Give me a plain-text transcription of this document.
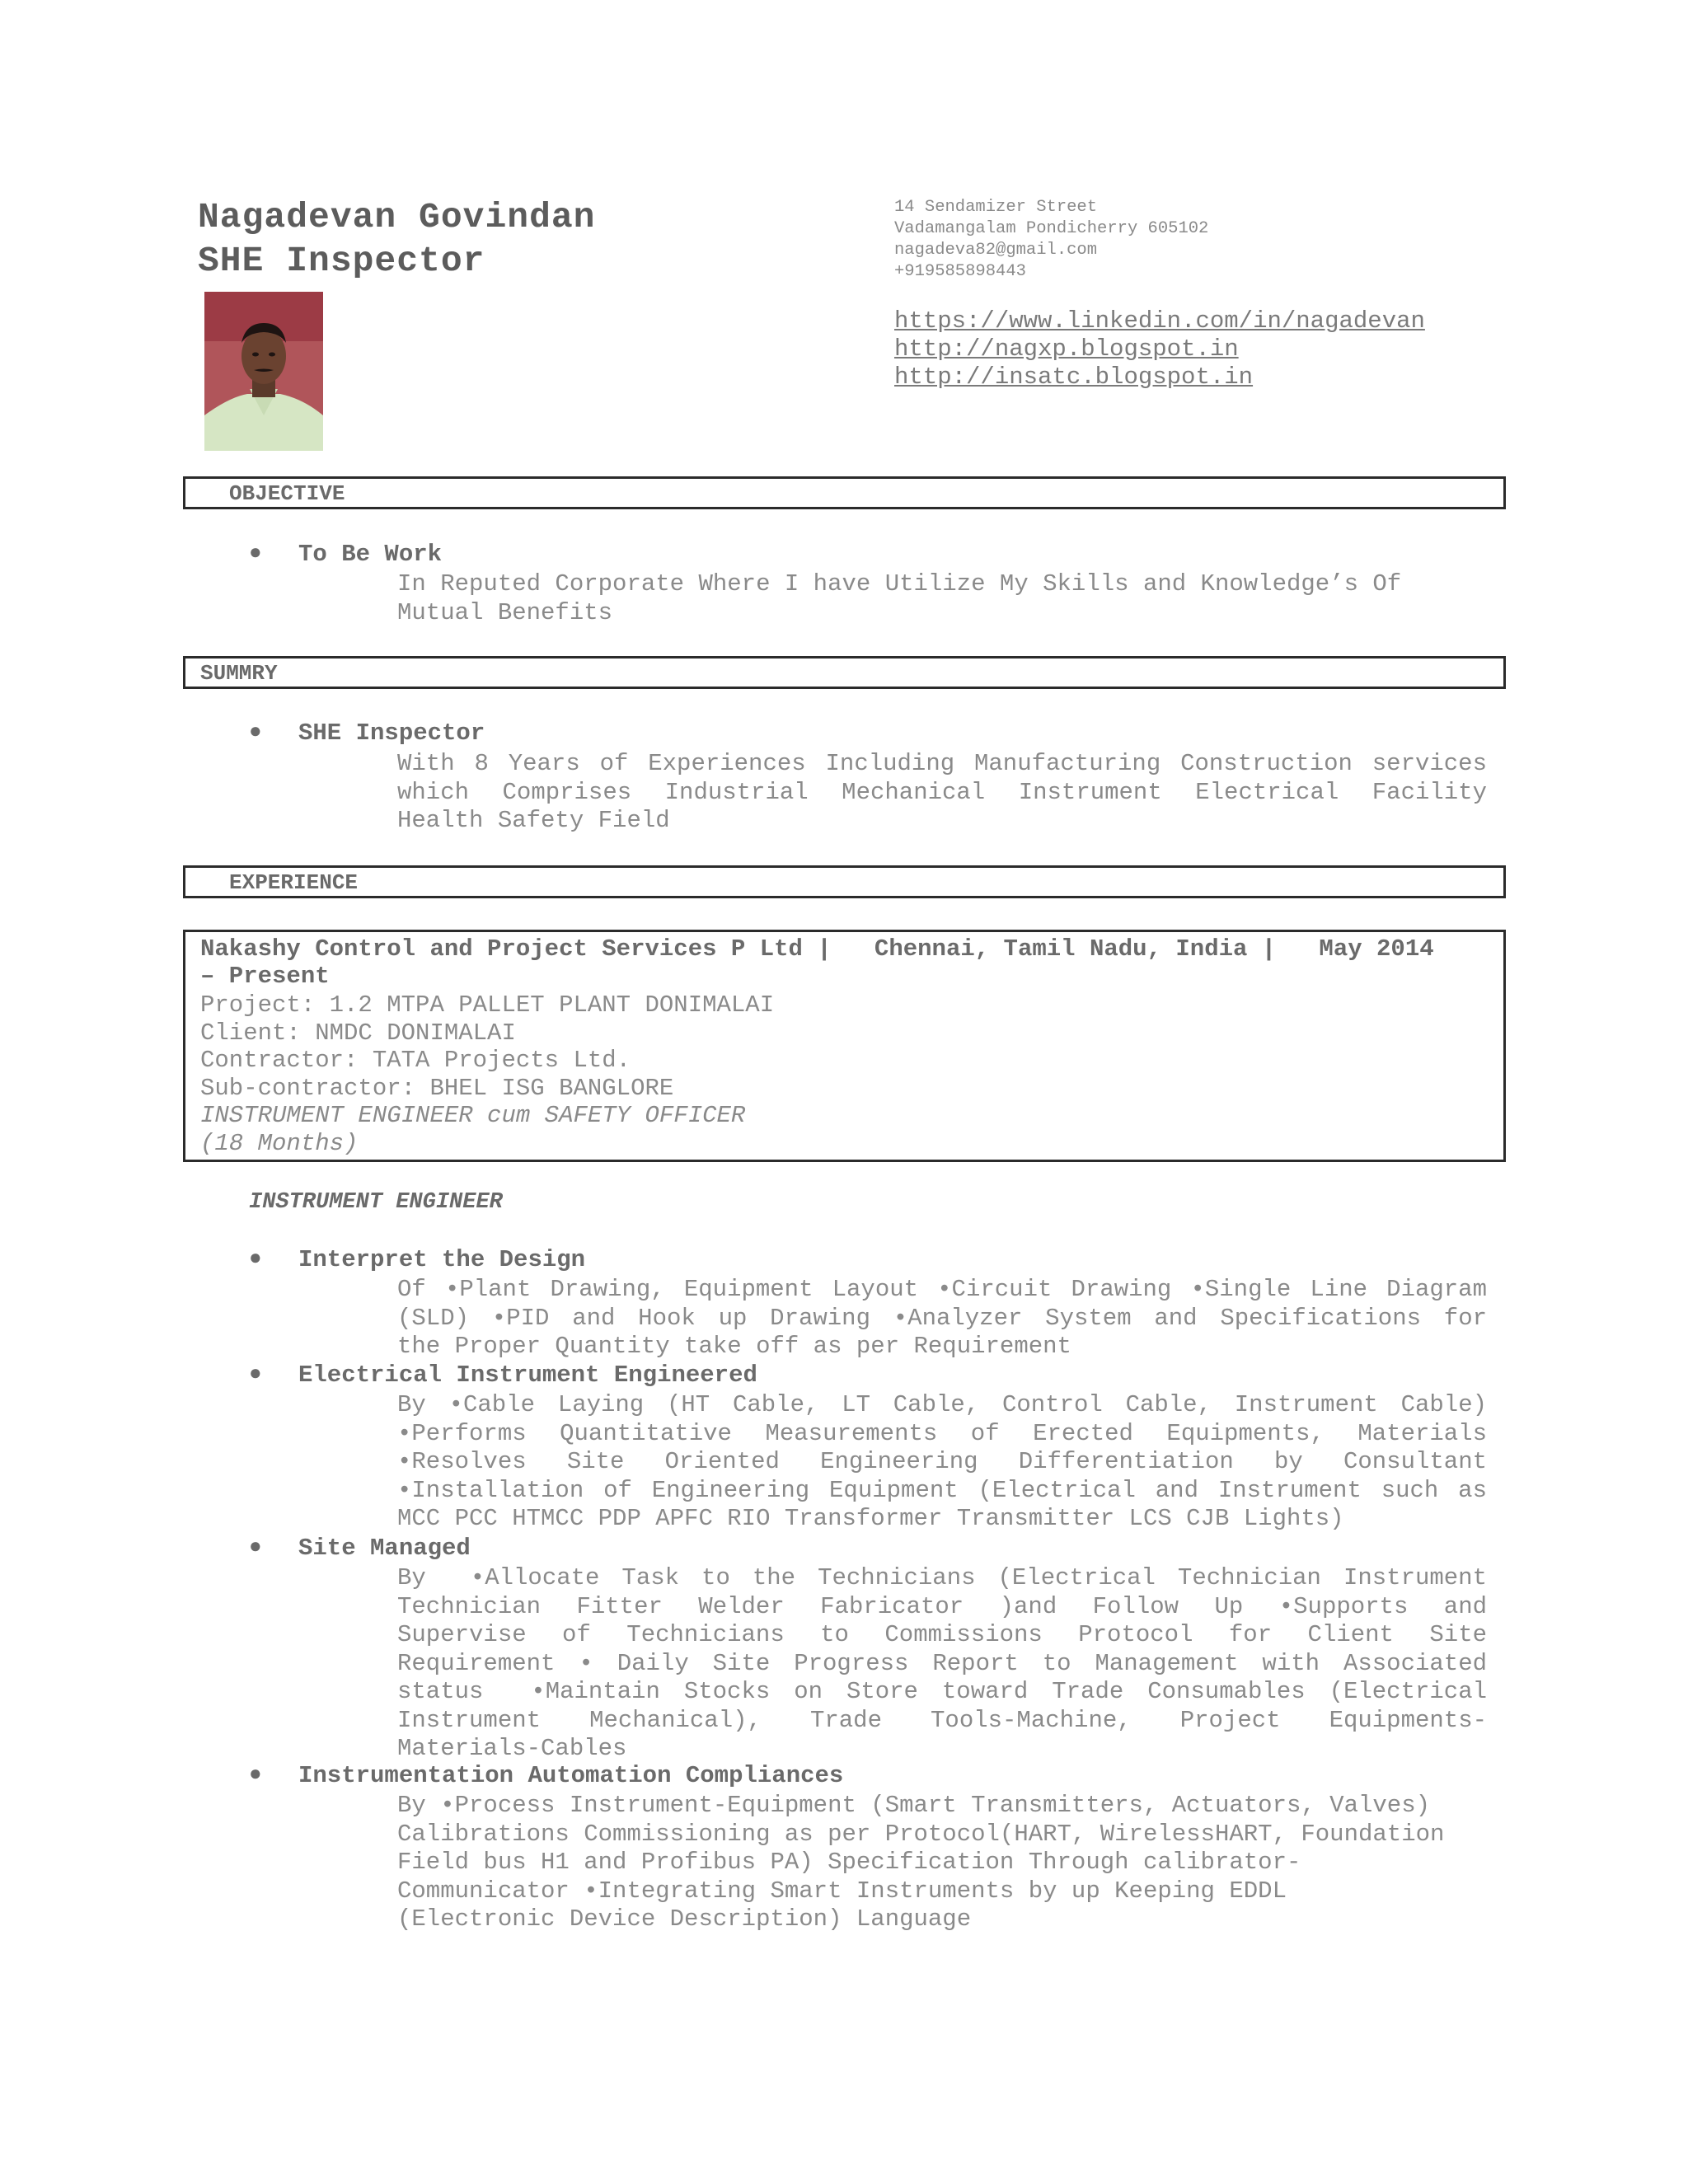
Nagadevan Govindan
SHE Inspector
14 Sendamizer Street
Vadamangalam Pondicherry 605102
nagadeva82@gmail.com
+919585898443
https://www.linkedin.com/in/nagadevan
http://nagxp.blogspot.in
http://insatc.blogspot.in
OBJECTIVE
● To Be Work
In Reputed Corporate Where I have Utilize My Skills and Knowledge’s Of
Mutual Benefits
SUMMRY
● SHE Inspector
With 8 Years of Experiences Including Manufacturing Construction services
which Comprises Industrial Mechanical Instrument Electrical Facility
Health Safety Field
EXPERIENCE
Nakashy Control and Project Services P Ltd |   Chennai, Tamil Nadu, India |   May 2014
– Present
Project: 1.2 MTPA PALLET PLANT DONIMALAI
Client: NMDC DONIMALAI
Contractor: TATA Projects Ltd.
Sub-contractor: BHEL ISG BANGLORE
INSTRUMENT ENGINEER cum SAFETY OFFICER
(18 Months)
INSTRUMENT ENGINEER
● Interpret the Design
Of •Plant Drawing, Equipment Layout •Circuit Drawing •Single Line Diagram
(SLD) •PID and Hook up Drawing •Analyzer System and Specifications for
the Proper Quantity take off as per Requirement
● Electrical Instrument Engineered
By •Cable Laying (HT Cable, LT Cable, Control Cable, Instrument Cable)
•Performs Quantitative Measurements of Erected Equipments, Materials
•Resolves Site Oriented Engineering Differentiation by Consultant
•Installation of Engineering Equipment (Electrical and Instrument such as
MCC PCC HTMCC PDP APFC RIO Transformer Transmitter LCS CJB Lights)
● Site Managed
By  •Allocate Task to the Technicians (Electrical Technician Instrument
Technician Fitter Welder Fabricator )and Follow Up •Supports and
Supervise of Technicians to Commissions Protocol for Client Site
Requirement • Daily Site Progress Report to Management with Associated
status  •Maintain Stocks on Store toward Trade Consumables (Electrical
Instrument Mechanical), Trade Tools-Machine, Project Equipments-
Materials-Cables
● Instrumentation Automation Compliances
By •Process Instrument-Equipment (Smart Transmitters, Actuators, Valves)
Calibrations Commissioning as per Protocol(HART, WirelessHART, Foundation
Field bus H1 and Profibus PA) Specification Through calibrator-
Communicator •Integrating Smart Instruments by up Keeping EDDL
(Electronic Device Description) Language
